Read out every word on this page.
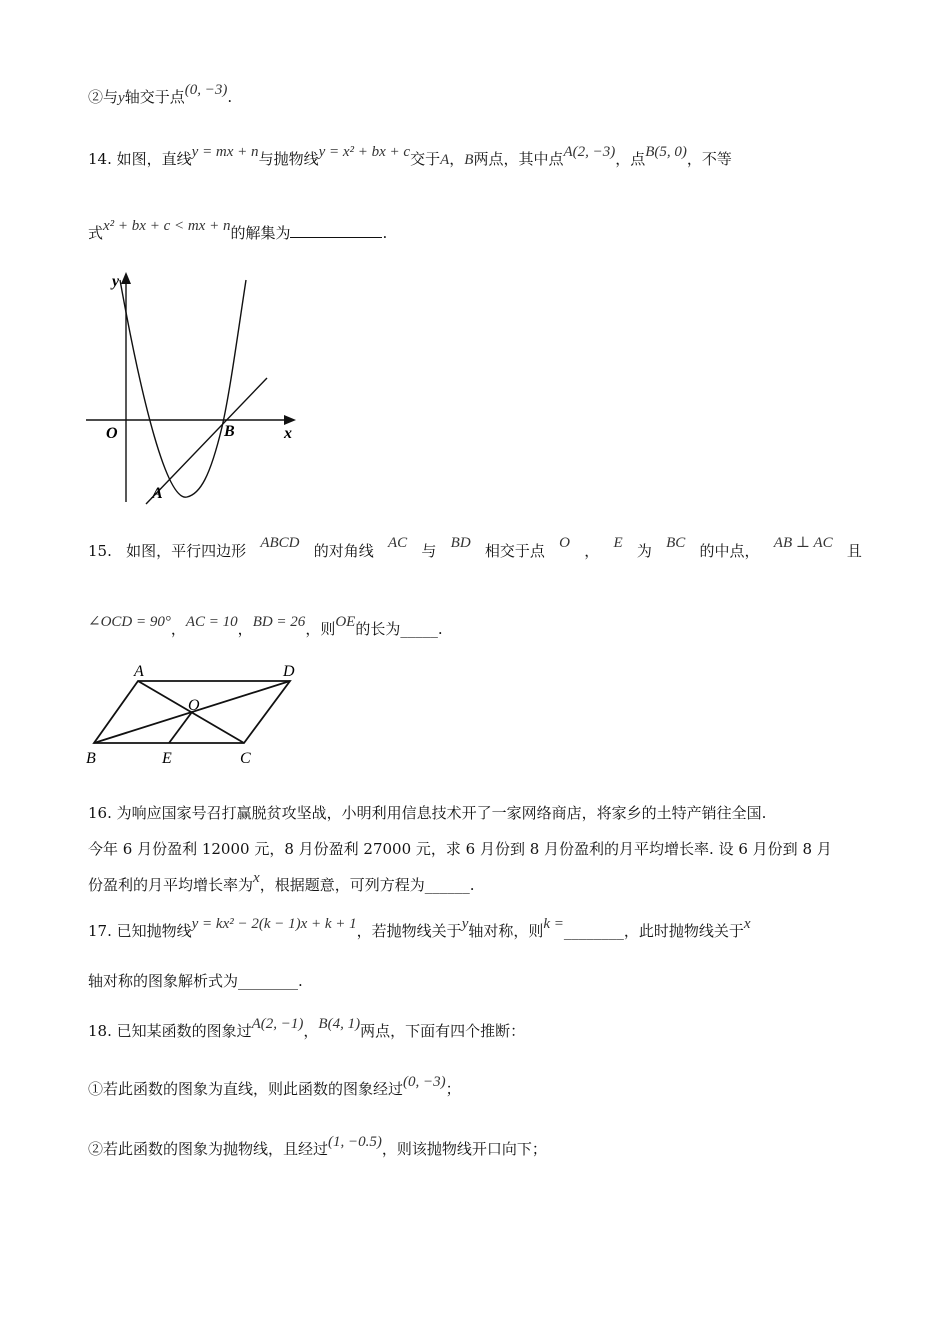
②与y轴交于点(0, −3).
14. 如图，直线y = mx + n与抛物线y = x² + bx + c交于A，B两点，其中点A(2, −3)，点B(5, 0)，不等
式x² + bx + c < mx + n的解集为	.
y
x
O	B
A
15. 如图，平行四边形 ABCD 的对角线 AC 与 BD 相交于点 O ， E 为 BC 的中点， AB ⊥ AC 且
∠OCD = 90°，AC = 10，BD = 26，则OE的长为_____.
A	D
O
B	E	C
16. 为响应国家号召打赢脱贫攻坚战，小明利用信息技术开了一家网络商店，将家乡的土特产销往全国.
今年 6 月份盈利 12000 元，8 月份盈利 27000 元，求 6 月份到 8 月份盈利的月平均增长率. 设 6 月份到 8 月
份盈利的月平均增长率为x，根据题意，可列方程为______.
17. 已知抛物线y = kx² − 2(k − 1)x + k + 1，若抛物线关于y轴对称，则k =________，此时抛物线关于x
轴对称的图象解析式为________.
18. 已知某函数的图象过A(2, −1)，B(4, 1)两点，下面有四个推断：
①若此函数的图象为直线，则此函数的图象经过(0, −3)；
②若此函数的图象为抛物线，且经过(1, −0.5)，则该抛物线开口向下；
